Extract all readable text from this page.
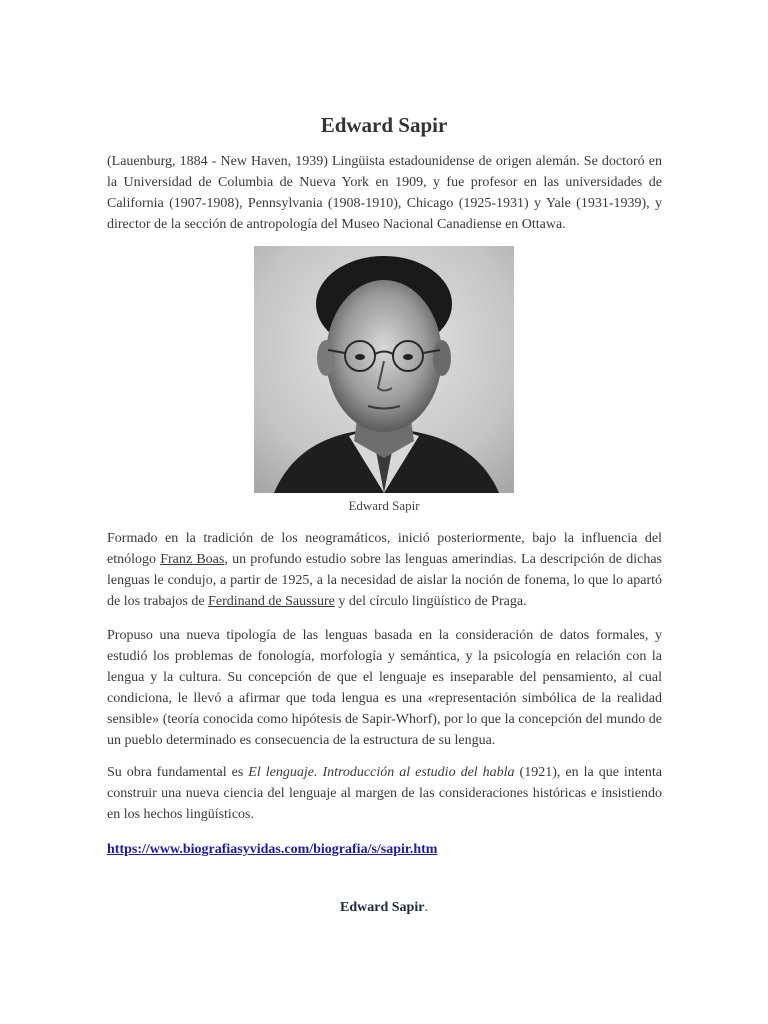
Edward Sapir

(Lauenburg, 1884 - New Haven, 1939) Lingüista estadounidense de origen alemán. Se doctoró en la Universidad de Columbia de Nueva York en 1909, y fue profesor en las universidades de California (1907-1908), Pennsylvania (1908-1910), Chicago (1925-1931) y Yale (1931-1939), y director de la sección de antropología del Museo Nacional Canadiense en Ottawa.

Edward Sapir

Formado en la tradición de los neogramáticos, inició posteriormente, bajo la influencia del etnólogo Franz Boas, un profundo estudio sobre las lenguas amerindias. La descripción de dichas lenguas le condujo, a partir de 1925, a la necesidad de aislar la noción de fonema, lo que lo apartó de los trabajos de Ferdinand de Saussure y del círculo lingüístico de Praga.

Propuso una nueva tipología de las lenguas basada en la consideración de datos formales, y estudió los problemas de fonología, morfología y semántica, y la psicología en relación con la lengua y la cultura. Su concepción de que el lenguaje es inseparable del pensamiento, al cual condiciona, le llevó a afirmar que toda lengua es una «representación simbólica de la realidad sensible» (teoría conocida como hipótesis de Sapir-Whorf), por lo que la concepción del mundo de un pueblo determinado es consecuencia de la estructura de su lengua.

Su obra fundamental es El lenguaje. Introducción al estudio del habla (1921), en la que intenta construir una nueva ciencia del lenguaje al margen de las consideraciones históricas e insistiendo en los hechos lingüísticos.

https://www.biografiasyvidas.com/biografia/s/sapir.htm
Edward Sapir.
